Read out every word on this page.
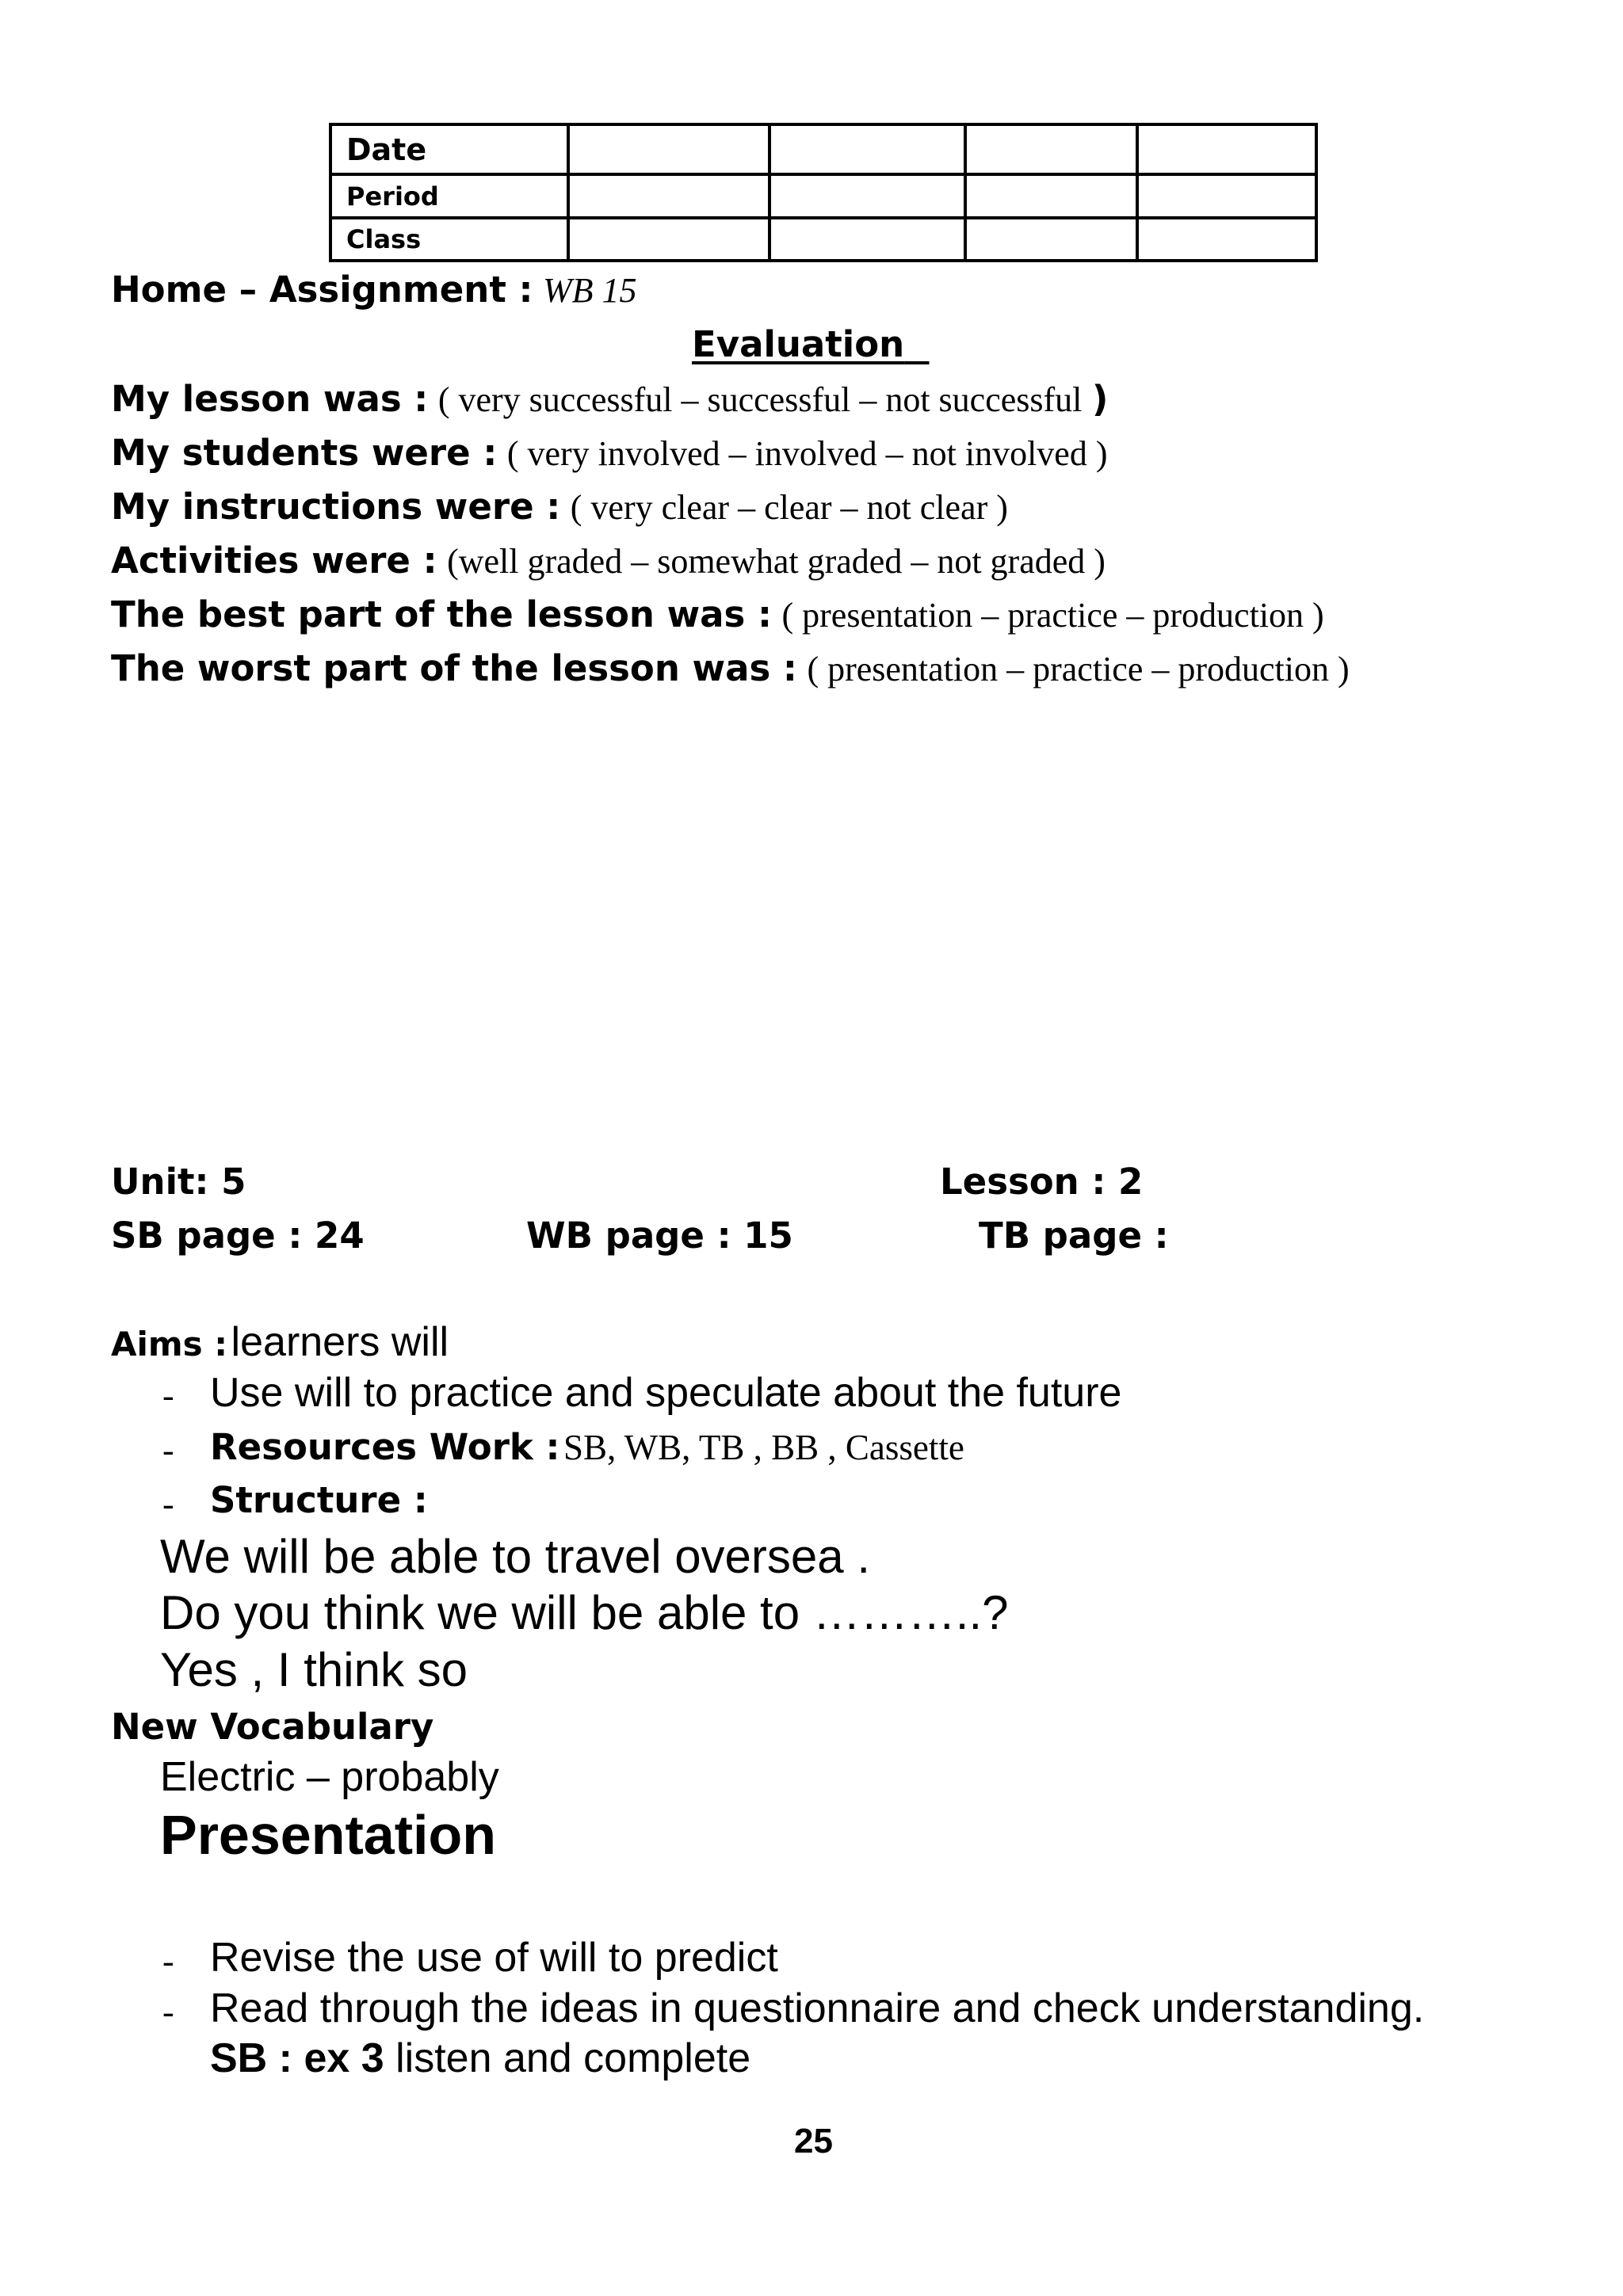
Date				
Period				
Class				
Home – Assignment : WB 15
Evaluation
My lesson was : ( very successful – successful – not successful )
My students were : ( very involved – involved – not involved )
My instructions were : ( very clear – clear – not clear )
Activities were : (well graded – somewhat graded – not graded )
The best part of the lesson was : ( presentation – practice – production )
The worst part of the lesson was : ( presentation – practice – production )
Unit: 5	Lesson : 2
SB page : 24	WB page : 15	TB page :
Aims : learners will
- Use will to practice and speculate about the future
- Resources Work : SB, WB, TB , BB , Cassette
- Structure :
We will be able to travel oversea .
Do you think we will be able to ………..?
Yes , I think so
New Vocabulary
Electric – probably
Presentation
- Revise the use of will to predict
- Read through the ideas in questionnaire and check understanding.
SB : ex 3 listen and complete
25
